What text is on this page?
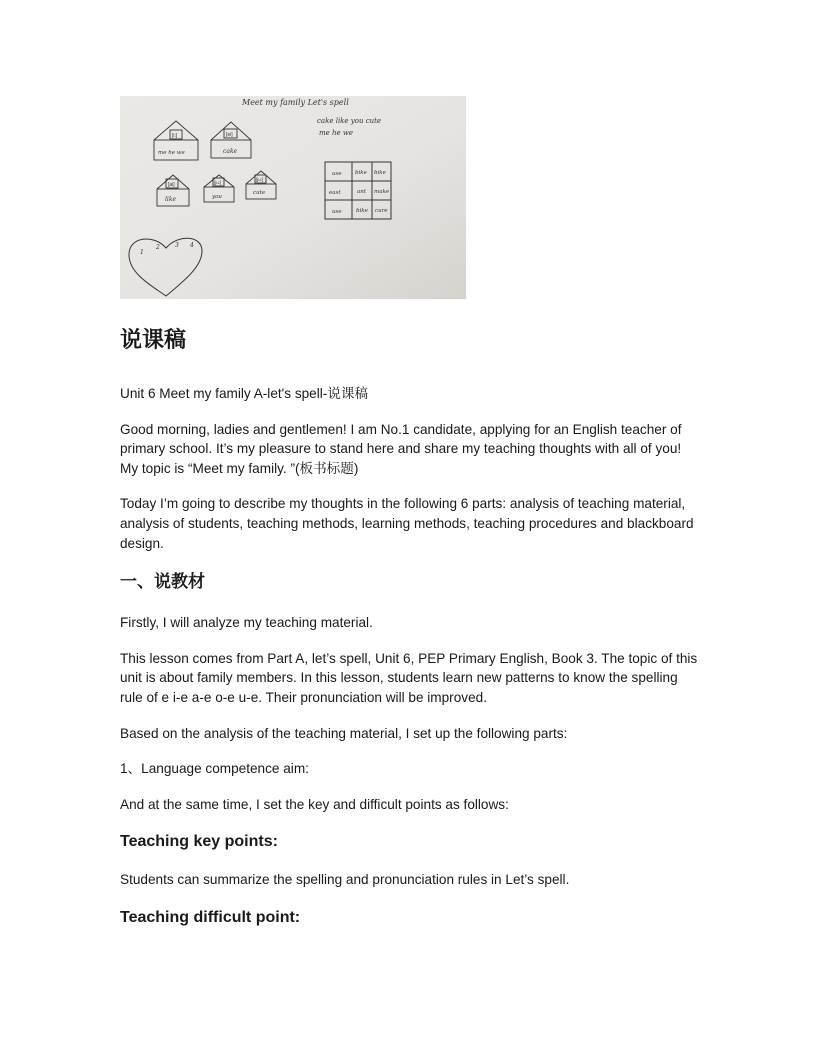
Meet my family Let's spell
cake like you cute
me he we
[i:]
me he we
[ei]
cake
[ai]
like
[ju:]
you
[ju:]
cute
use bike bike
east	ant make
use	bike cure
1
2	3 4
说课稿

Unit 6 Meet my family A-let's spell-说课稿

Good morning, ladies and gentlemen! I am No.1 candidate, applying for an English teacher of primary school. It’s my pleasure to stand here and share my teaching thoughts with all of you! My topic is “Meet my family. ”(板书标题)

Today I’m going to describe my thoughts in the following 6 parts: analysis of teaching material, analysis of students, teaching methods, learning methods, teaching procedures and blackboard design.

一、说教材

Firstly, I will analyze my teaching material.

This lesson comes from Part A, let’s spell, Unit 6, PEP Primary English, Book 3. The topic of this unit is about family members. In this lesson, students learn new patterns to know the spelling rule of e i-e a-e o-e u-e. Their pronunciation will be improved.

Based on the analysis of the teaching material, I set up the following parts:

1、Language competence aim:

And at the same time, I set the key and difficult points as follows:

Teaching key points:

Students can summarize the spelling and pronunciation rules in Let’s spell.

Teaching difficult point:
